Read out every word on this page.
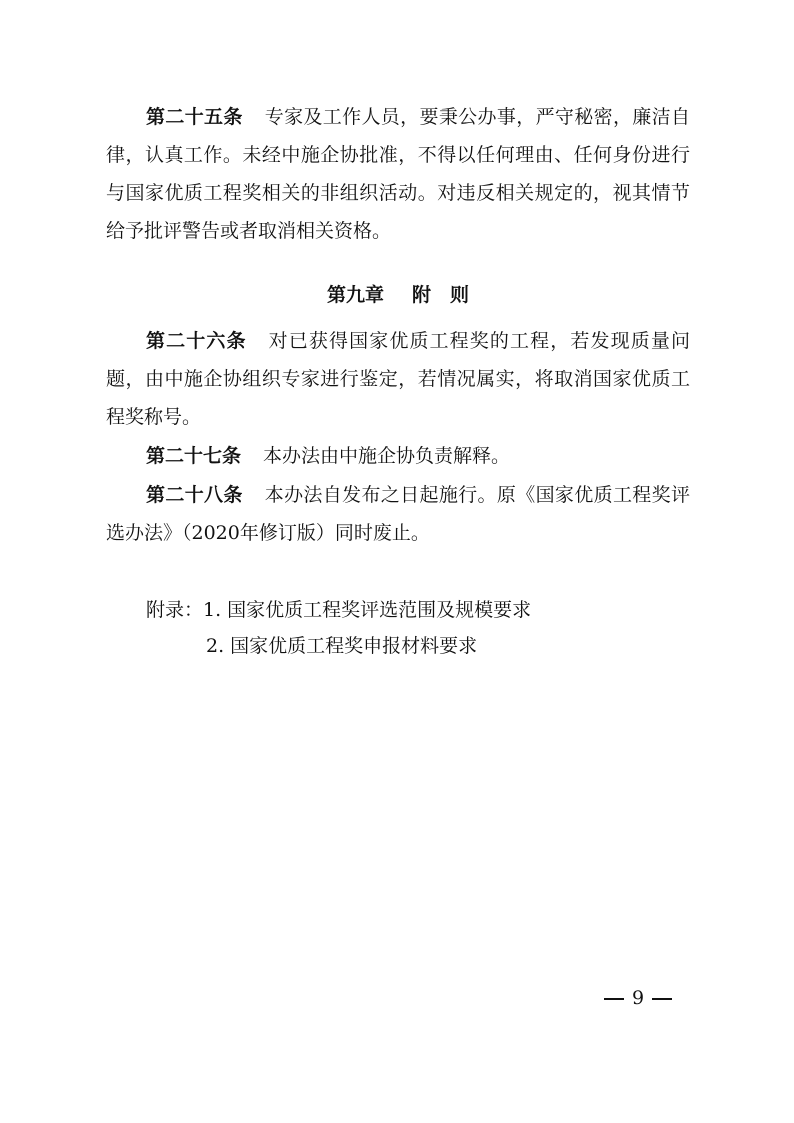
第二十五条 专家及工作人员，要秉公办事，严守秘密，廉洁自律，认真工作。未经中施企协批准，不得以任何理由、任何身份进行与国家优质工程奖相关的非组织活动。对违反相关规定的，视其情节给予批评警告或者取消相关资格。

第九章 附　则

第二十六条 对已获得国家优质工程奖的工程，若发现质量问题，由中施企协组织专家进行鉴定，若情况属实，将取消国家优质工程奖称号。

第二十七条 本办法由中施企协负责解释。

第二十八条 本办法自发布之日起施行。原《国家优质工程奖评选办法》（2020年修订版）同时废止。

附录：1. 国家优质工程奖评选范围及规模要求
2. 国家优质工程奖申报材料要求
9
